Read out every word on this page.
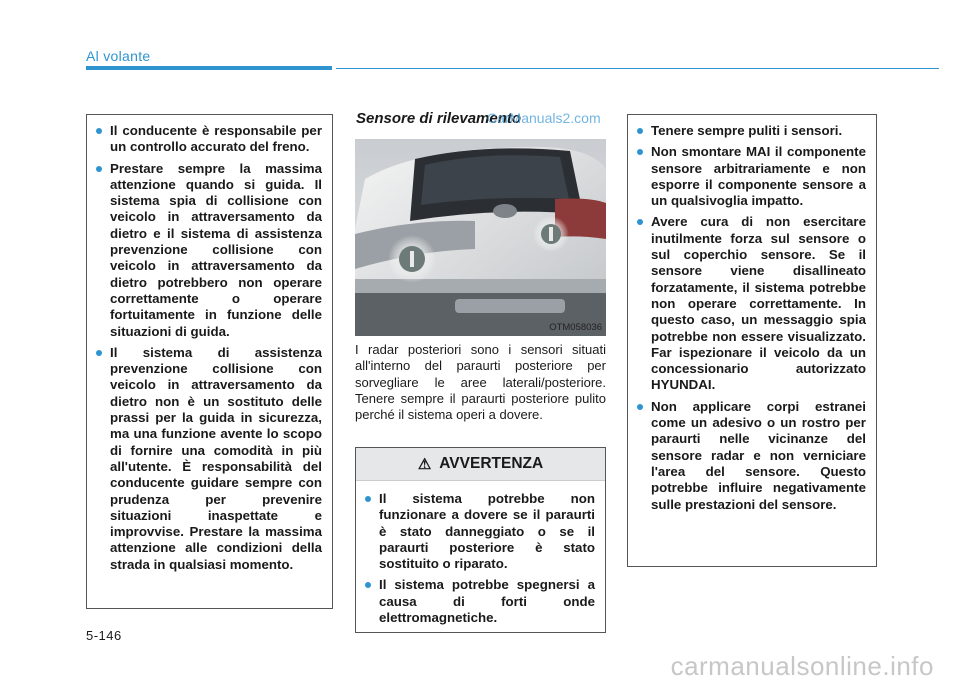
Al volante
Il conducente è responsabile per un controllo accurato del freno.
Prestare sempre la massima attenzione quando si guida. Il sistema spia di collisione con veicolo in attraversamento da dietro e il sistema di assistenza prevenzione collisione con veicolo in attraversamento da dietro potrebbero non operare correttamente o operare fortuitamente in funzione delle situazioni di guida.
Il sistema di assistenza prevenzione collisione con veicolo in attraversamento da dietro non è un sostituto delle prassi per la guida in sicurezza, ma una funzione avente lo scopo di fornire una comodità in più all'utente. È responsabilità del conducente guidare sempre con prudenza per prevenire situazioni inaspettate e improvvise. Prestare la massima attenzione alle condizioni della strada in qualsiasi momento.
Sensore di rilevamento
CarManuals2.com
OTM058036
I radar posteriori sono i sensori situati all'interno del paraurti posteriore per sorvegliare le aree laterali/posteriore. Tenere sempre il paraurti posteriore pulito perché il sistema operi a dovere.
⚠ AVVERTENZA
Il sistema potrebbe non funzionare a dovere se il paraurti è stato danneggiato o se il paraurti posteriore è stato sostituito o riparato.
Il sistema potrebbe spegnersi a causa di forti onde elettromagnetiche.
Tenere sempre puliti i sensori.
Non smontare MAI il componente sensore arbitrariamente e non esporre il componente sensore a un qualsivoglia impatto.
Avere cura di non esercitare inutilmente forza sul sensore o sul coperchio sensore. Se il sensore viene disallineato forzatamente, il sistema potrebbe non operare correttamente. In questo caso, un messaggio spia potrebbe non essere visualizzato. Far ispezionare il veicolo da un concessionario autorizzato HYUNDAI.
Non applicare corpi estranei come un adesivo o un rostro per paraurti nelle vicinanze del sensore radar e non verniciare l'area del sensore. Questo potrebbe influire negativamente sulle prestazioni del sensore.
5-146
carmanualsonline.info
